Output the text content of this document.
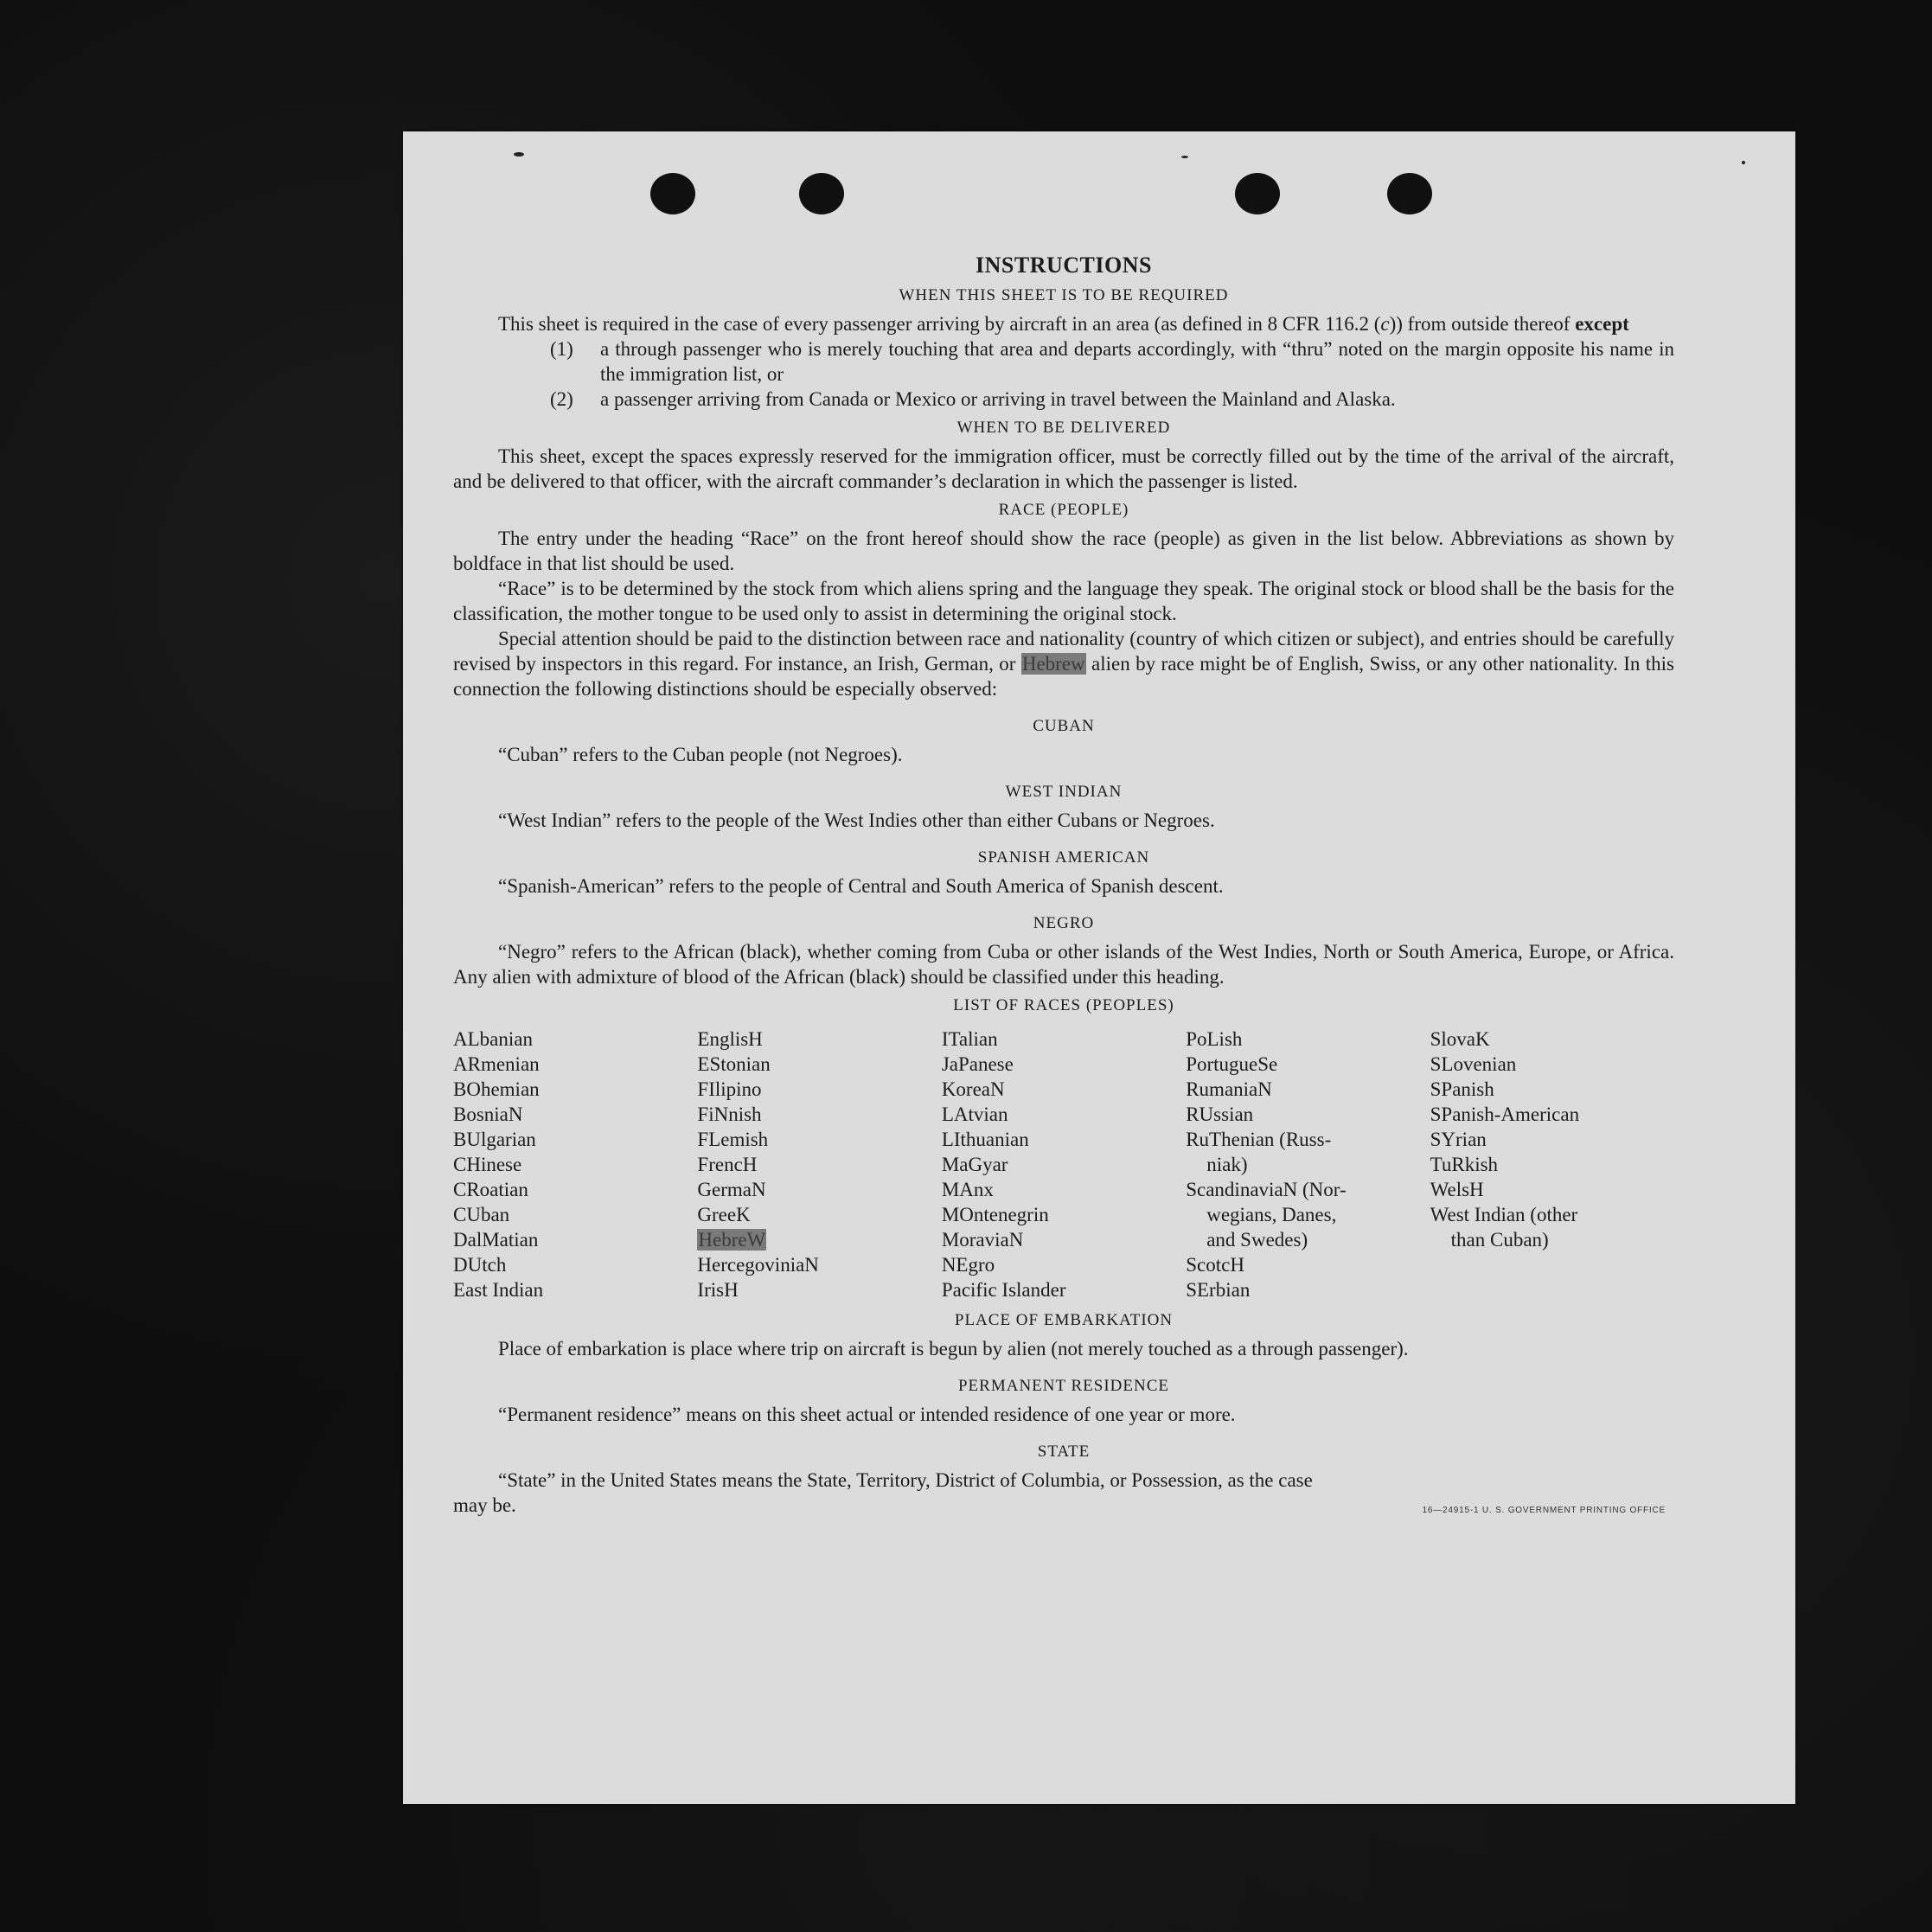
INSTRUCTIONS
WHEN THIS SHEET IS TO BE REQUIRED

This sheet is required in the case of every passenger arriving by aircraft in an area (as defined in 8 CFR 116.2 (c)) from outside thereof except

(1)	a through passenger who is merely touching that area and departs accordingly, with “thru” noted on the margin opposite his name in the immigration list, or
(2)	a passenger arriving from Canada or Mexico or arriving in travel between the Mainland and Alaska.
WHEN TO BE DELIVERED

This sheet, except the spaces expressly reserved for the immigration officer, must be correctly filled out by the time of the arrival of the aircraft, and be delivered to that officer, with the aircraft commander’s declaration in which the passenger is listed.

RACE (PEOPLE)

The entry under the heading “Race” on the front hereof should show the race (people) as given in the list below. Abbreviations as shown by boldface in that list should be used.

“Race” is to be determined by the stock from which aliens spring and the language they speak. The original stock or blood shall be the basis for the classification, the mother tongue to be used only to assist in determining the original stock.

Special attention should be paid to the distinction between race and nationality (country of which citizen or subject), and entries should be carefully revised by inspectors in this regard. For instance, an Irish, German, or Hebrew alien by race might be of English, Swiss, or any other nationality. In this connection the following distinctions should be especially observed:

CUBAN

“Cuban” refers to the Cuban people (not Negroes).

WEST INDIAN

“West Indian” refers to the people of the West Indies other than either Cubans or Negroes.

SPANISH AMERICAN

“Spanish-American” refers to the people of Central and South America of Spanish descent.

NEGRO

“Negro” refers to the African (black), whether coming from Cuba or other islands of the West Indies, North or South America, Europe, or Africa. Any alien with admixture of blood of the African (black) should be classified under this heading.

LIST OF RACES (PEOPLES)
ALbanian
ARmenian
BOhemian
BosniaN
BUlgarian
CHinese
CRoatian
CUban
DalMatian
DUtch
East Indian
EnglisH
EStonian
FIlipino
FiNnish
FLemish
FrencH
GermaN
GreeK
HebreW
HercegoviniaN
IrisH
ITalian
JaPanese
KoreaN
LAtvian
LIthuanian
MaGyar
MAnx
MOntenegrin
MoraviaN
NEgro
Pacific Islander
PoLish
PortugueSe
RumaniaN
RUssian
RuThenian (Russ-
niak)
ScandinaviaN (Nor-
wegians, Danes,
and Swedes)
ScotcH
SErbian
SlovaK
SLovenian
SPanish
SPanish-American
SYrian
TuRkish
WelsH
West Indian (other
than Cuban)
PLACE OF EMBARKATION

Place of embarkation is place where trip on aircraft is begun by alien (not merely touched as a through passenger).

PERMANENT RESIDENCE

“Permanent residence” means on this sheet actual or intended residence of one year or more.

STATE

“State” in the United States means the State, Territory, District of Columbia, or Possession, as the case

may be.	16—24915-1 U. S. GOVERNMENT PRINTING OFFICE
